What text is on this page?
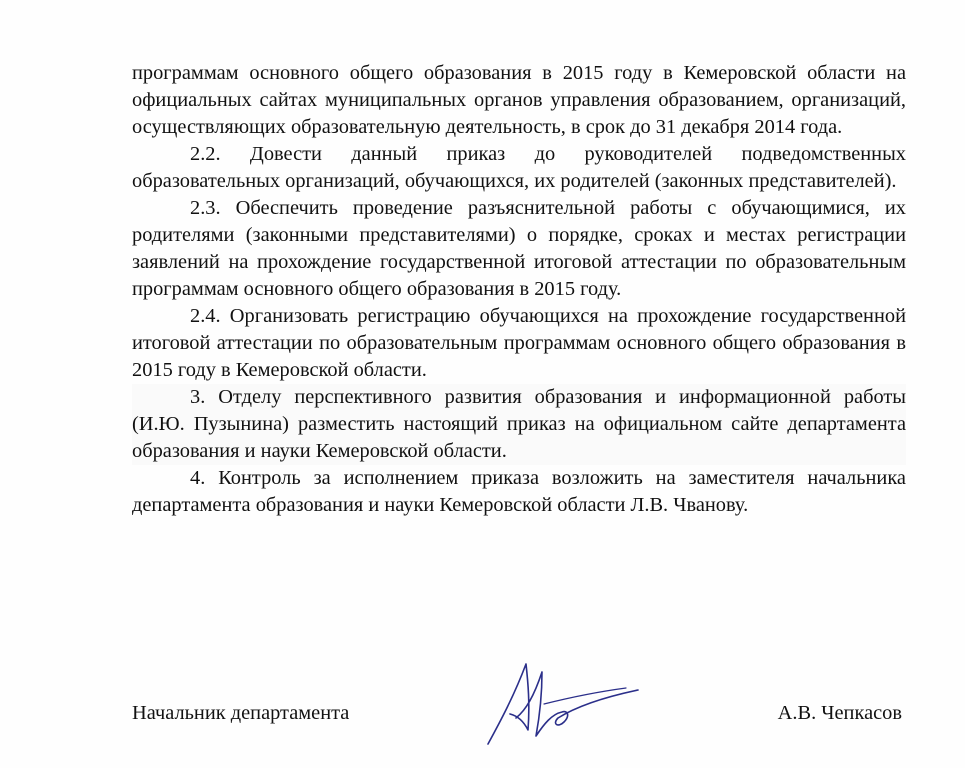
программам основного общего образования в 2015 году в Кемеровской области на официальных сайтах муниципальных органов управления образованием, организаций, осуществляющих образовательную деятельность, в срок до 31 декабря 2014 года.

2.2. Довести данный приказ до руководителей подведомственных образовательных организаций, обучающихся, их родителей (законных представителей).

2.3. Обеспечить проведение разъяснительной работы с обучающимися, их родителями (законными представителями) о порядке, сроках и местах регистрации заявлений на прохождение государственной итоговой аттестации по образовательным программам основного общего образования в 2015 году.

2.4. Организовать регистрацию обучающихся на прохождение государственной итоговой аттестации по образовательным программам основного общего образования в 2015 году в Кемеровской области.

3. Отделу перспективного развития образования и информационной работы (И.Ю. Пузынина) разместить настоящий приказ на официальном сайте департамента образования и науки Кемеровской области.

4. Контроль за исполнением приказа возложить на заместителя начальника департамента образования и науки Кемеровской области Л.В. Чванову.

Начальник департамента	А.В. Чепкасов
